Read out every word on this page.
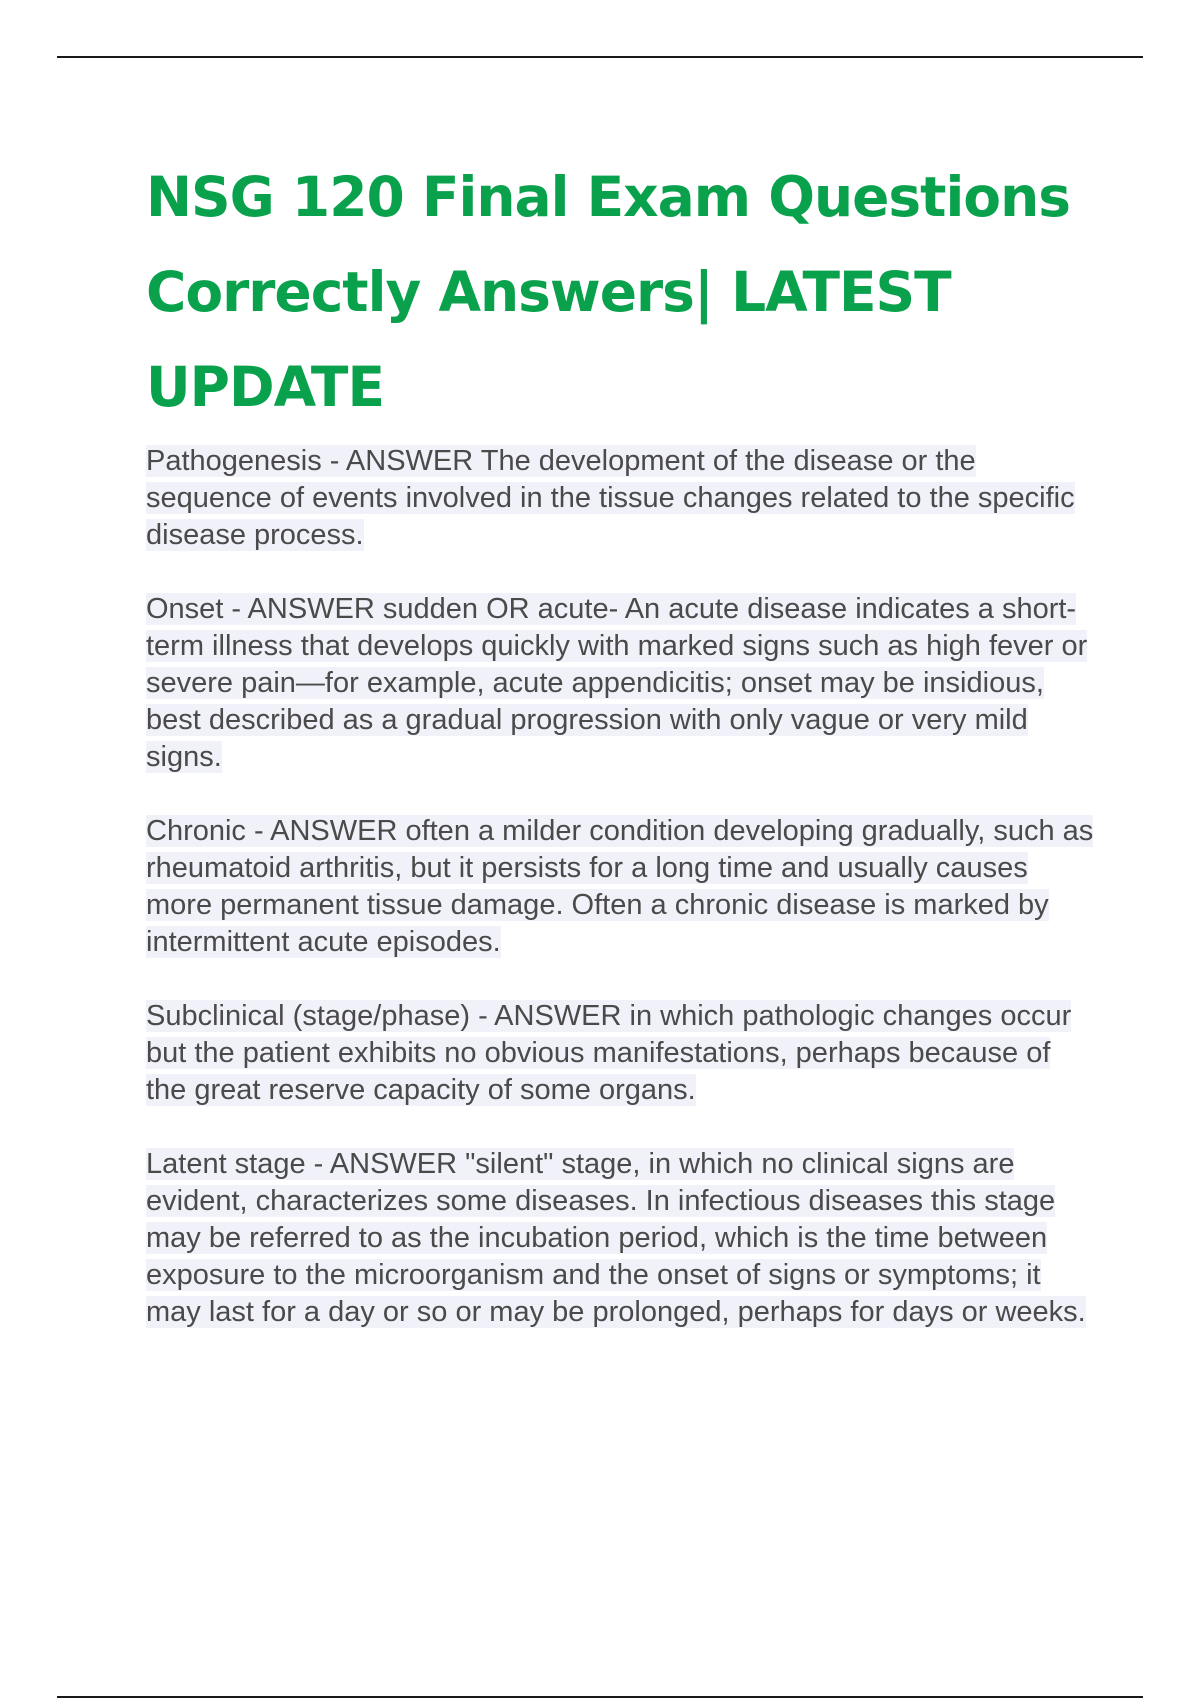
NSG 120 Final Exam Questions
Correctly Answers| LATEST
UPDATE

Pathogenesis - ANSWER The development of the disease or the sequence of events involved in the tissue changes related to the specific disease process.

Onset - ANSWER sudden OR acute- An acute disease indicates a short-term illness that develops quickly with marked signs such as high fever or severe pain—for example, acute appendicitis; onset may be insidious, best described as a gradual progression with only vague or very mild signs.

Chronic - ANSWER often a milder condition developing gradually, such as rheumatoid arthritis, but it persists for a long time and usually causes more permanent tissue damage. Often a chronic disease is marked by intermittent acute episodes.

Subclinical (stage/phase) - ANSWER in which pathologic changes occur but the patient exhibits no obvious manifestations, perhaps because of the great reserve capacity of some organs.

Latent stage - ANSWER "silent" stage, in which no clinical signs are evident, characterizes some diseases. In infectious diseases this stage may be referred to as the incubation period, which is the time between exposure to the microorganism and the onset of signs or symptoms; it may last for a day or so or may be prolonged, perhaps for days or weeks.
